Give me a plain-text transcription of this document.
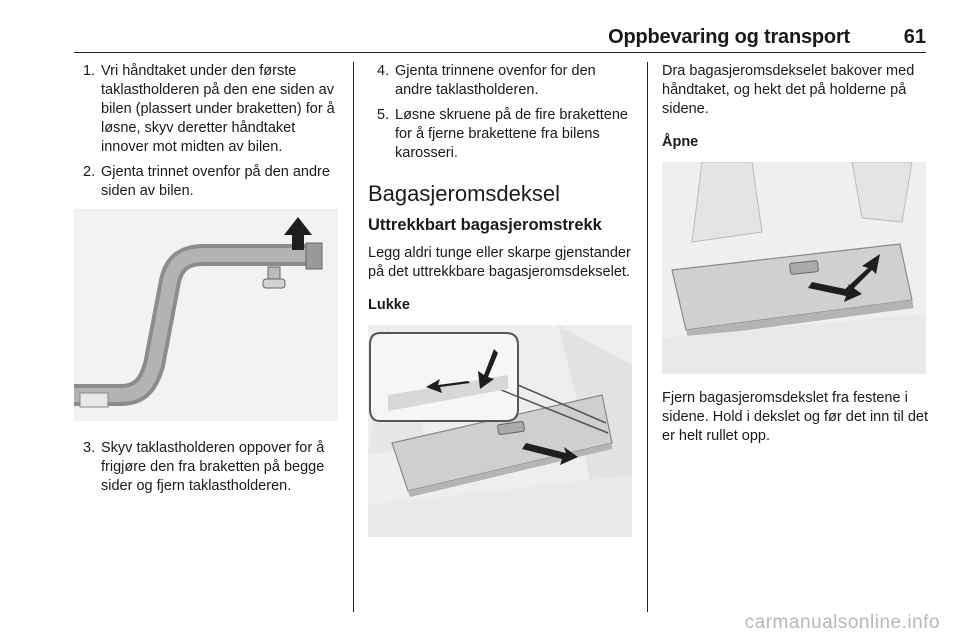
Oppbevaring og transport	61
1. Vri håndtaket under den første taklastholderen på den ene siden av bilen (plassert under braketten) for å løsne, skyv deretter håndtaket innover mot midten av bilen.
2. Gjenta trinnet ovenfor på den andre siden av bilen.
3. Skyv taklastholderen oppover for å frigjøre den fra braketten på begge sider og fjern taklastholderen.
4. Gjenta trinnene ovenfor for den andre taklastholderen.
5. Løsne skruene på de fire brakettene for å fjerne brakettene fra bilens karosseri.
Bagasjeromsdeksel
Uttrekkbart bagasjeromstrekk

Legg aldri tunge eller skarpe gjenstander på det uttrekkbare bagasjeromsdekselet.

Lukke

Dra bagasjeromsdekselet bakover med håndtaket, og hekt det på holderne på sidene.

Åpne

Fjern bagasjeromsdekslet fra festene i sidene. Hold i dekslet og før det inn til det er helt rullet opp.

carmanualsonline.info
